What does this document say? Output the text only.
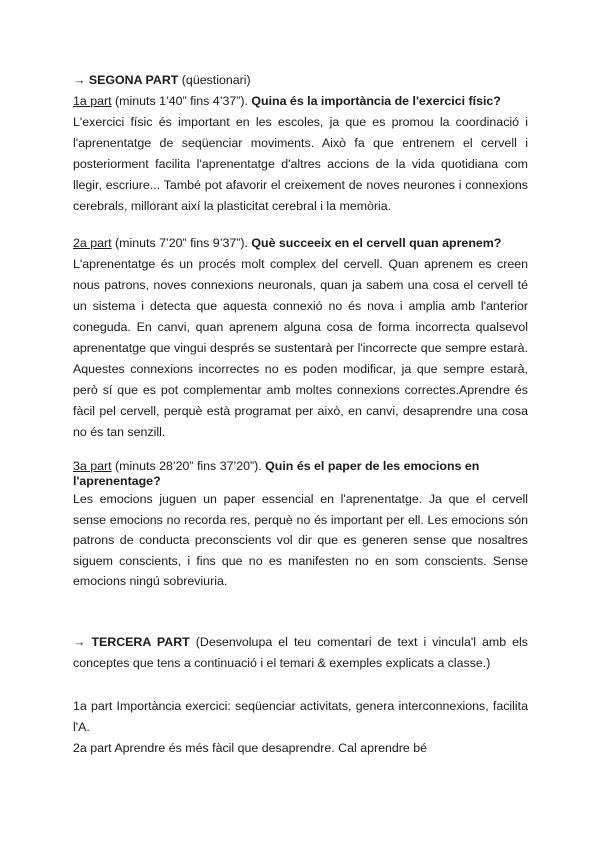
→ SEGONA PART (qüestionari)

1a part (minuts 1’40” fins 4’37”). Quina és la importància de l'exercici físic?

L'exercici físic és important en les escoles, ja que es promou la coordinació i l'aprenentatge de seqüenciar moviments. Això fa que entrenem el cervell i posteriorment facilita l'aprenentatge d'altres accions de la vida quotidiana com llegir, escriure... També pot afavorir el creixement de noves neurones i connexions cerebrals, millorant així la plasticitat cerebral i la memòria.

2a part (minuts 7’20” fins 9’37”). Què succeeix en el cervell quan aprenem?

L'aprenentatge és un procés molt complex del cervell. Quan aprenem es creen nous patrons, noves connexions neuronals, quan ja sabem una cosa el cervell té un sistema i detecta que aquesta connexió no és nova i amplia amb l'anterior coneguda. En canvi, quan aprenem alguna cosa de forma incorrecta qualsevol aprenentatge que vingui després se sustentarà per l'incorrecte que sempre estarà. Aquestes connexions incorrectes no es poden modificar, ja que sempre estarà, però sí que es pot complementar amb moltes connexions correctes.Aprendre és fàcil pel cervell, perquè està programat per això, en canvi, desaprendre una cosa no és tan senzill.

3a part (minuts 28’20” fins 37’20”). Quin és el paper de les emocions en l'aprenentage?

Les emocions juguen un paper essencial en l'aprenentatge. Ja que el cervell sense emocions no recorda res, perquè no és important per ell. Les emocions són patrons de conducta preconscients vol dir que es generen sense que nosaltres siguem conscients, i fins que no es manifesten no en som conscients. Sense emocions ningú sobreviuria.

→ TERCERA PART (Desenvolupa el teu comentari de text i vincula'l amb els conceptes que tens a continuació i el temari & exemples explicats a classe.)

1a part Importància exercici: seqüenciar activitats, genera interconnexions, facilita l'A.

2a part Aprendre és més fàcil que desaprendre. Cal aprendre bé
